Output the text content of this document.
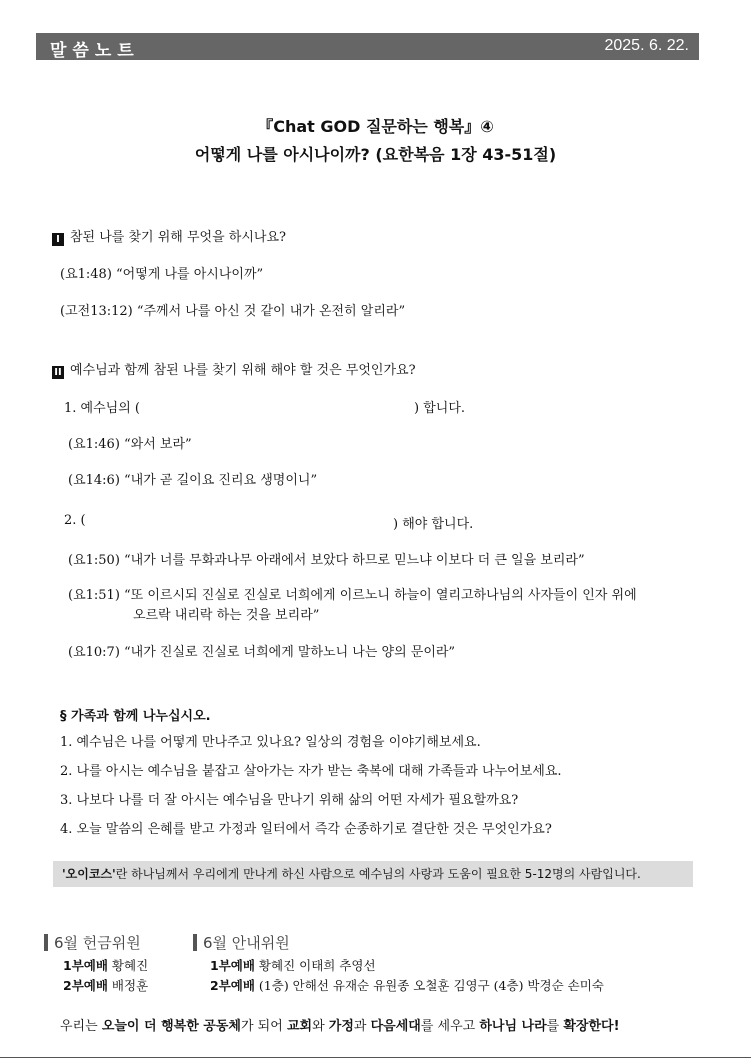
말씀노트	2025. 6. 22.
『Chat GOD 질문하는 행복』④
어떻게 나를 아시나이까? (요한복음 1장 43-51절)
I 참된 나를 찾기 위해 무엇을 하시나요?
(요1:48) “어떻게 나를 아시나이까”
(고전13:12) “주께서 나를 아신 것 같이 내가 온전히 알리라”
II 예수님과 함께 참된 나를 찾기 위해 해야 할 것은 무엇인가요?
1. 예수님의 (	) 합니다.
(요1:46) “와서 보라”
(요14:6) “내가 곧 길이요 진리요 생명이니”
2. (	) 해야 합니다.
(요1:50) “내가 너를 무화과나무 아래에서 보았다 하므로 믿느냐 이보다 더 큰 일을 보리라”
(요1:51) “또 이르시되 진실로 진실로 너희에게 이르노니 하늘이 열리고하나님의 사자들이 인자 위에
오르락 내리락 하는 것을 보리라”
(요10:7) “내가 진실로 진실로 너희에게 말하노니 나는 양의 문이라”
§ 가족과 함께 나누십시오.
1. 예수님은 나를 어떻게 만나주고 있나요? 일상의 경험을 이야기해보세요.
2. 나를 아시는 예수님을 붙잡고 살아가는 자가 받는 축복에 대해 가족들과 나누어보세요.
3. 나보다 나를 더 잘 아시는 예수님을 만나기 위해 삶의 어떤 자세가 필요할까요?
4. 오늘 말씀의 은혜를 받고 가정과 일터에서 즉각 순종하기로 결단한 것은 무엇인가요?
'오이코스'란 하나님께서 우리에게 만나게 하신 사람으로 예수님의 사랑과 도움이 필요한 5-12명의 사람입니다.
6월 헌금위원
1부예배 황혜진
2부예배 배정훈
6월 안내위원
1부예배 황혜진 이태희 추영선
2부예배 (1층) 안해선 유재순 유원종 오철훈 김영구 (4층) 박경순 손미숙
우리는 오늘이 더 행복한 공동체가 되어 교회와 가정과 다음세대를 세우고 하나님 나라를 확장한다!
